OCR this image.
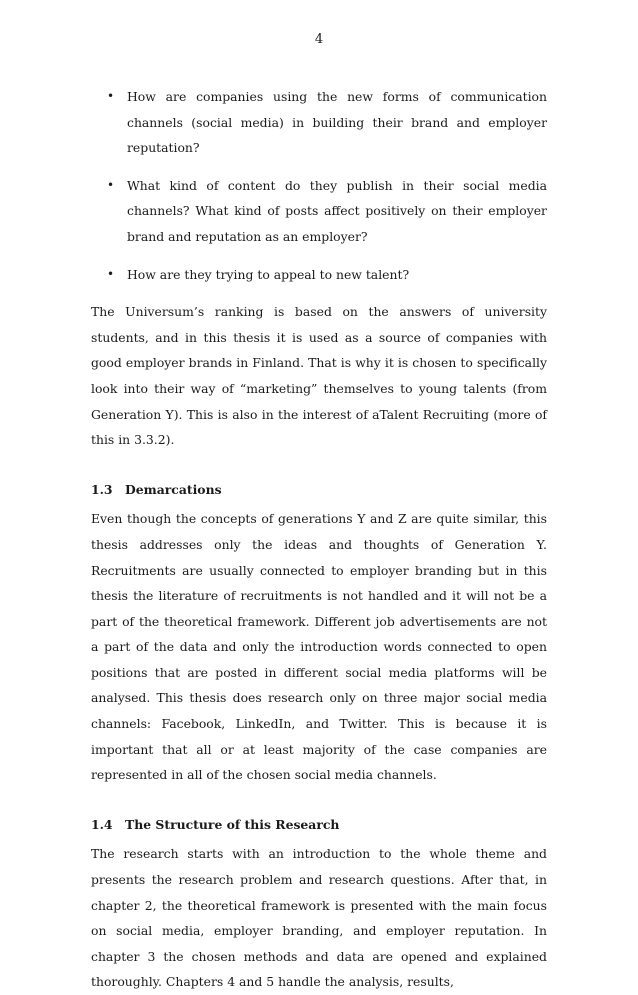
4
• How are companies using the new forms of communication channels (social media) in building their brand and employer reputation?
• What kind of content do they publish in their social media channels? What kind of posts affect positively on their employer brand and reputation as an employer?
• How are they trying to appeal to new talent?

The Universum’s ranking is based on the answers of university students, and in this thesis it is used as a source of companies with good employer brands in Finland. That is why it is chosen to specifically look into their way of “marketing” themselves to young talents (from Generation Y). This is also in the interest of aTalent Recruiting (more of this in 3.3.2).

1.3 Demarcations

Even though the concepts of generations Y and Z are quite similar, this thesis addresses only the ideas and thoughts of Generation Y. Recruitments are usually connected to employer branding but in this thesis the literature of recruitments is not handled and it will not be a part of the theoretical framework. Different job advertisements are not a part of the data and only the introduction words connected to open positions that are posted in different social media platforms will be analysed. This thesis does research only on three major social media channels: Facebook, LinkedIn, and Twitter. This is because it is important that all or at least majority of the case companies are represented in all of the chosen social media channels.

1.4 The Structure of this Research

The research starts with an introduction to the whole theme and presents the research problem and research questions. After that, in chapter 2, the theoretical framework is presented with the main focus on social media, employer branding, and employer reputation. In chapter 3 the chosen methods and data are opened and explained thoroughly. Chapters 4 and 5 handle the analysis, results,
